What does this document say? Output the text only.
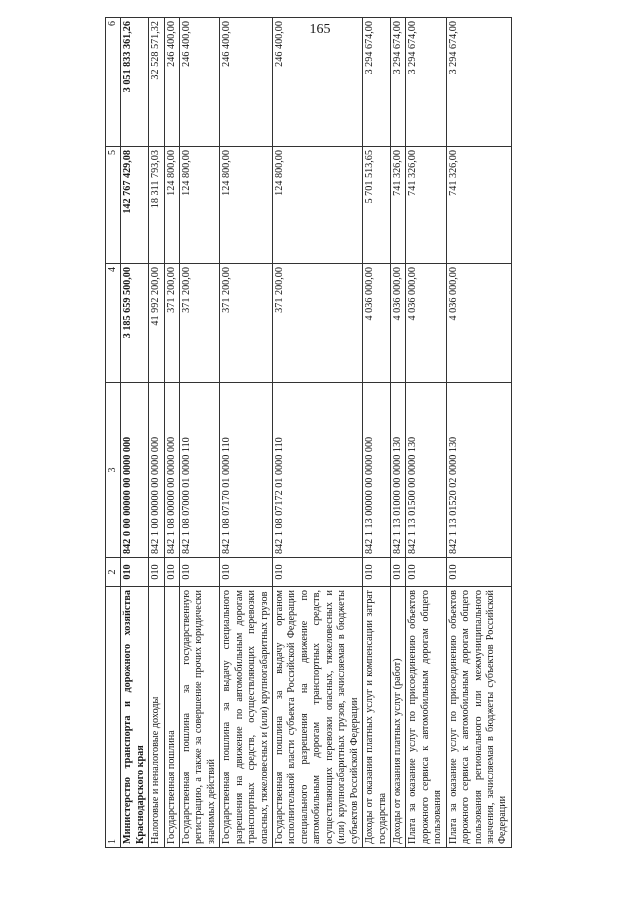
165
1	2	3	4	5	6
Министерство транспорта и дорожного хозяйства Краснодарского края	010	842 0 00 00000 00 0000 000	3 185 659 500,00	142 767 429,08	3 051 833 361,26
Налоговые и неналоговые доходы	010	842 1 00 00000 00 0000 000	41 992 200,00	18 311 793,03	32 528 571,32
Государственная пошлина	010	842 1 08 00000 00 0000 000	371 200,00	124 800,00	246 400,00
Государственная пошлина за государственную регистрацию, а также за совершение прочих юридически значимых действий	010	842 1 08 07000 01 0000 110	371 200,00	124 800,00	246 400,00
Государственная пошлина за выдачу специального разрешения на движение по автомобильным дорогам транспортных средств, осуществляющих перевозки опасных, тяжеловесных и (или) крупногабаритных грузов	010	842 1 08 07170 01 0000 110	371 200,00	124 800,00	246 400,00
Государственная пошлина за выдачу органом исполнительной власти субъекта Российской Федерации специального разрешения на движение по автомобильным дорогам транспортных средств, осуществляющих перевозки опасных, тяжеловесных и (или) крупногабаритных грузов, зачисляемая в бюджеты субъектов Российской Федерации	010	842 1 08 07172 01 0000 110	371 200,00	124 800,00	246 400,00
Доходы от оказания платных услуг и компенсации затрат государства	010	842 1 13 00000 00 0000 000	4 036 000,00	5 701 513,65	3 294 674,00
Доходы от оказания платных услуг (работ)	010	842 1 13 01000 00 0000 130	4 036 000,00	741 326,00	3 294 674,00
Плата за оказание услуг по присоединению объектов дорожного сервиса к автомобильным дорогам общего пользования	010	842 1 13 01500 00 0000 130	4 036 000,00	741 326,00	3 294 674,00
Плата за оказание услуг по присоединению объектов дорожного сервиса к автомобильным дорогам общего пользования регионального или межмуниципального значения, зачисляемая в бюджеты субъектов Российской Федерации	010	842 1 13 01520 02 0000 130	4 036 000,00	741 326,00	3 294 674,00
